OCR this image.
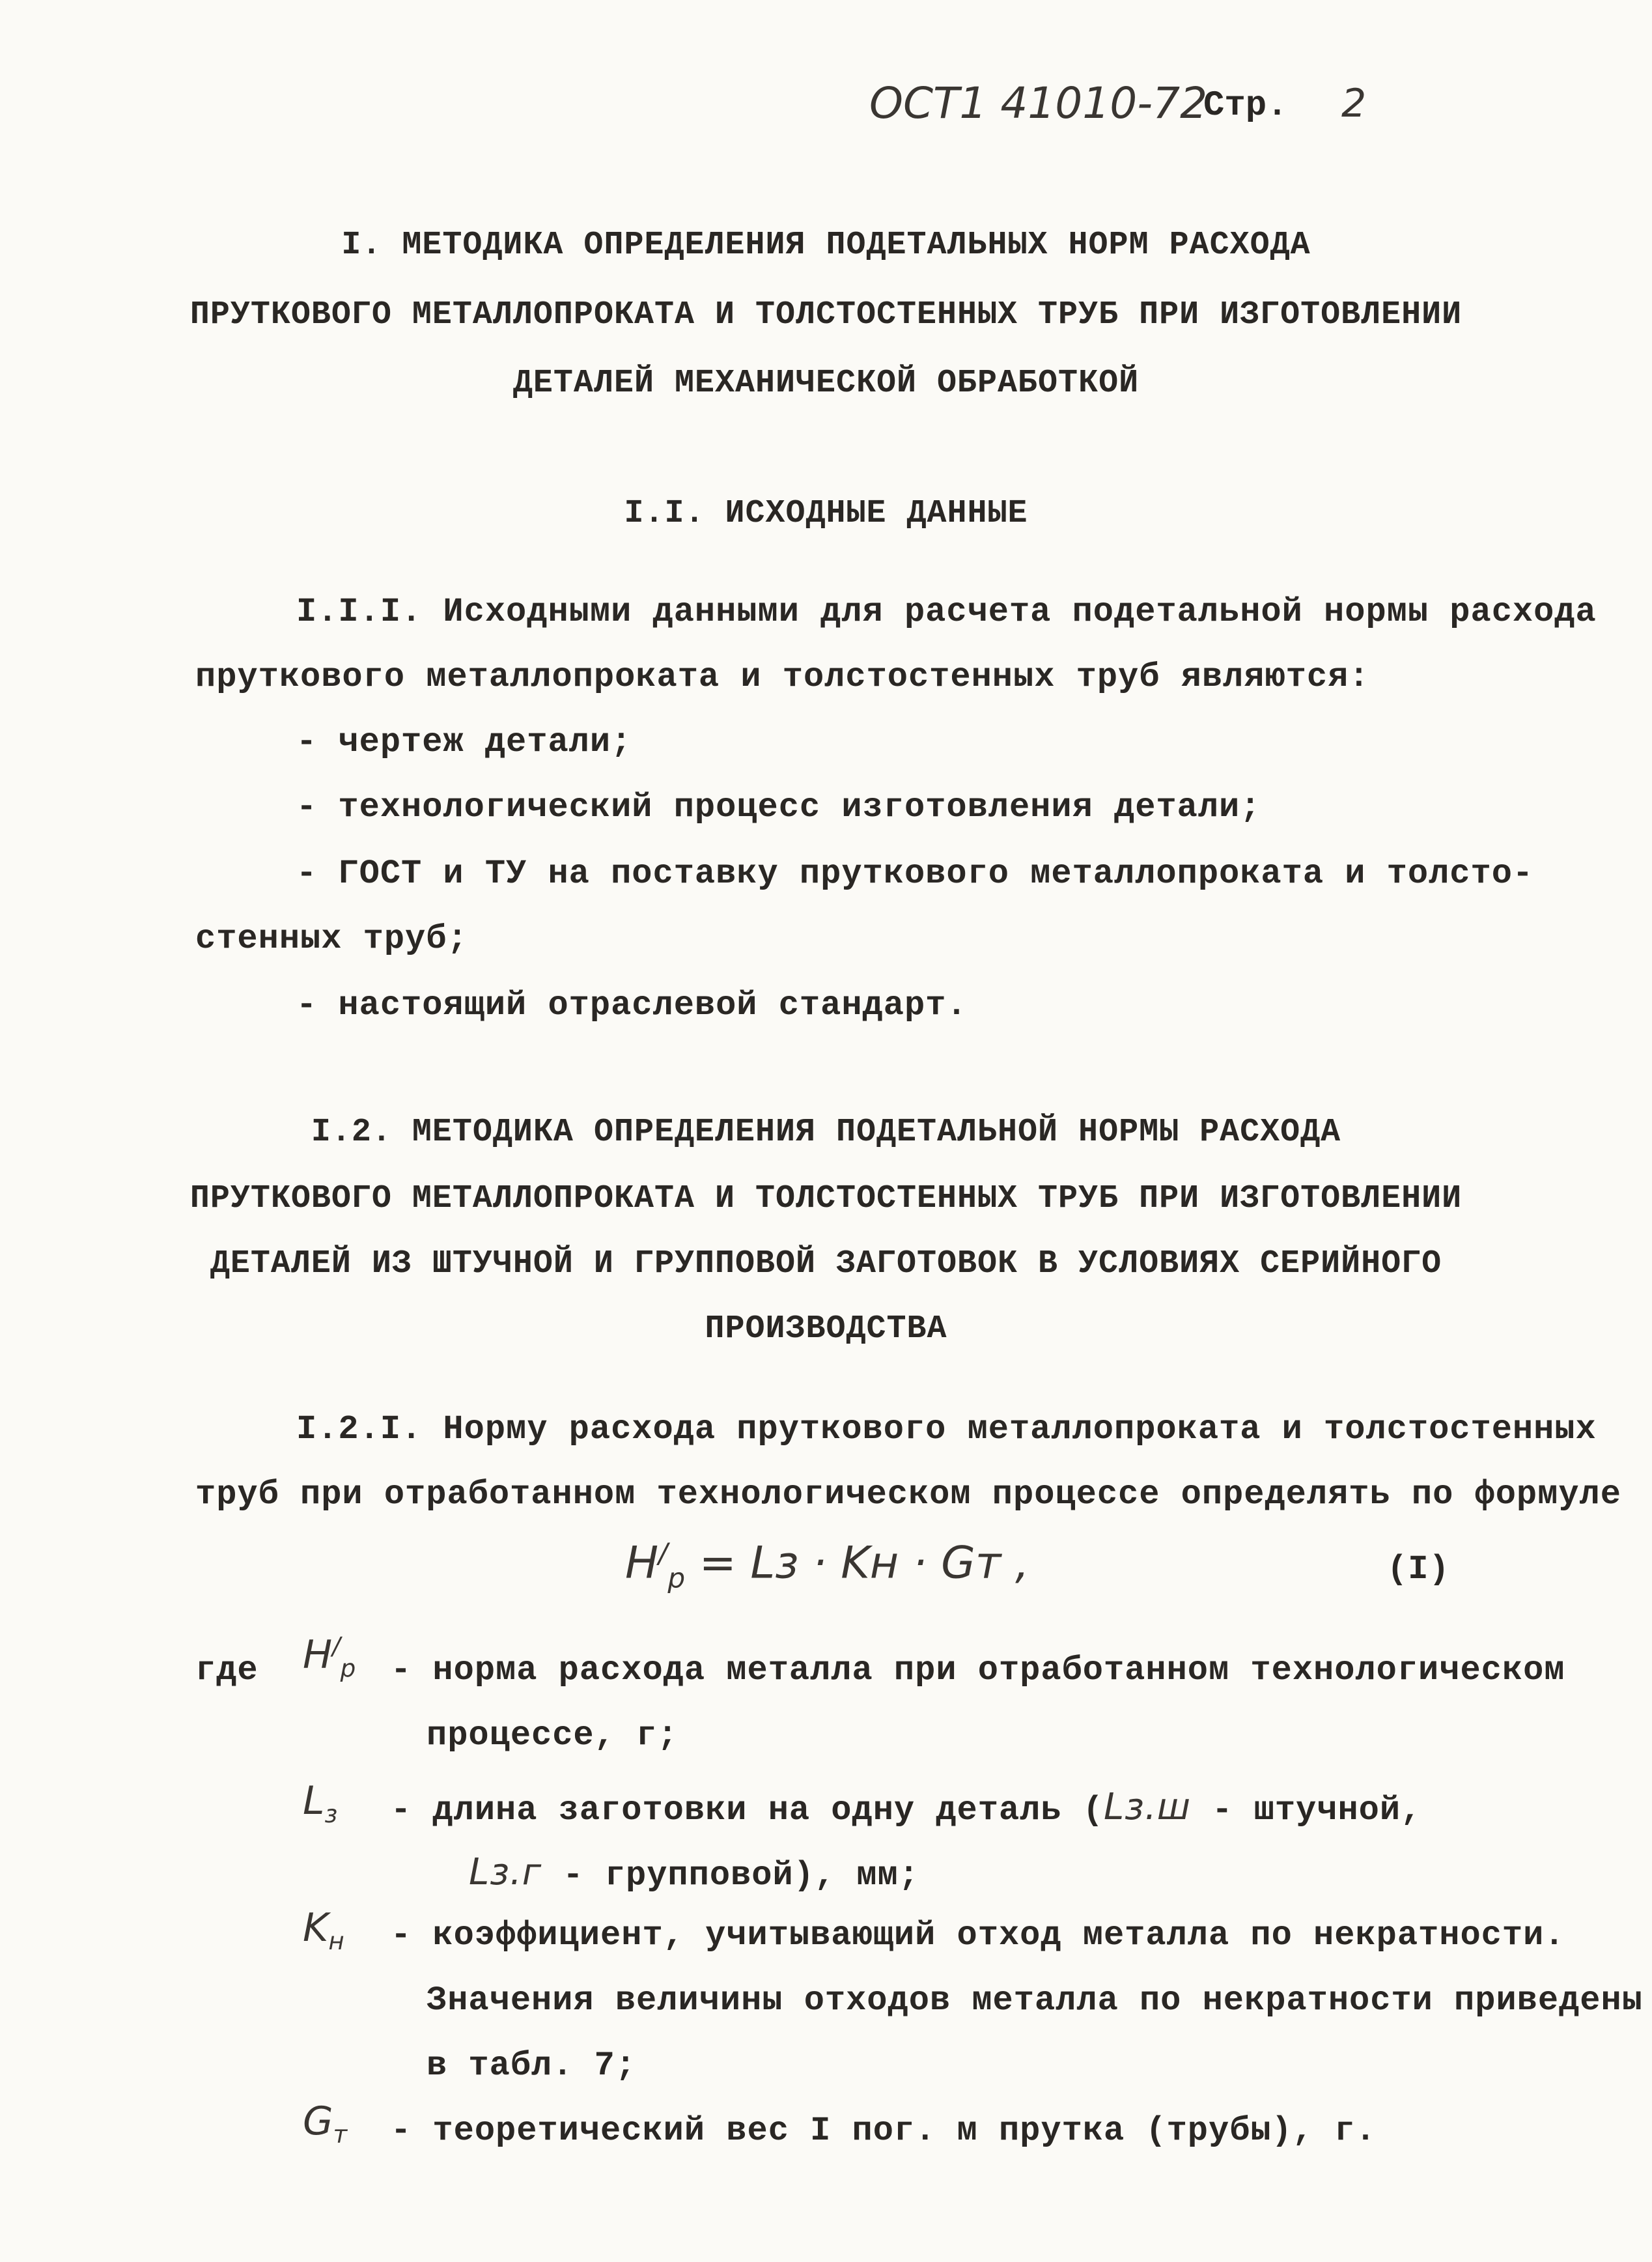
ОСТ1 41010-72
Стр. 2
I. МЕТОДИКА ОПРЕДЕЛЕНИЯ ПОДЕТАЛЬНЫХ НОРМ РАСХОДА
ПРУТКОВОГО МЕТАЛЛОПРОКАТА И ТОЛСТОСТЕННЫХ ТРУБ ПРИ ИЗГОТОВЛЕНИИ
ДЕТАЛЕЙ МЕХАНИЧЕСКОЙ ОБРАБОТКОЙ
I.I. ИСХОДНЫЕ ДАННЫЕ
I.I.I. Исходными данными для расчета подетальной нормы расхода
пруткового металлопроката и толстостенных труб являются:
- чертеж детали;
- технологический процесс изготовления детали;
- ГОСТ и ТУ на поставку пруткового металлопроката и толсто-
стенных труб;
- настоящий отраслевой стандарт.
I.2. МЕТОДИКА ОПРЕДЕЛЕНИЯ ПОДЕТАЛЬНОЙ НОРМЫ РАСХОДА
ПРУТКОВОГО МЕТАЛЛОПРОКАТА И ТОЛСТОСТЕННЫХ ТРУБ ПРИ ИЗГОТОВЛЕНИИ
ДЕТАЛЕЙ ИЗ ШТУЧНОЙ И ГРУППОВОЙ ЗАГОТОВОК В УСЛОВИЯХ СЕРИЙНОГО
ПРОИЗВОДСТВА
I.2.I. Норму расхода пруткового металлопроката и толстостенных
труб при отработанном технологическом процессе определять по формуле
$Н^/_р$ = Lз · Kн · Gт ,	(I)
где $Н^/_р$ - норма расхода металла при отработанном технологическом
процессе, г;
$L_з$ - длина заготовки на одну деталь (Lз.ш - штучной,
Lз.г - групповой), мм;
$K_н$ - коэффициент, учитывающий отход металла по некратности.
Значения величины отходов металла по некратности приведены
в табл. 7;
$G_т$ - теоретический вес I пог. м прутка (трубы), г.
